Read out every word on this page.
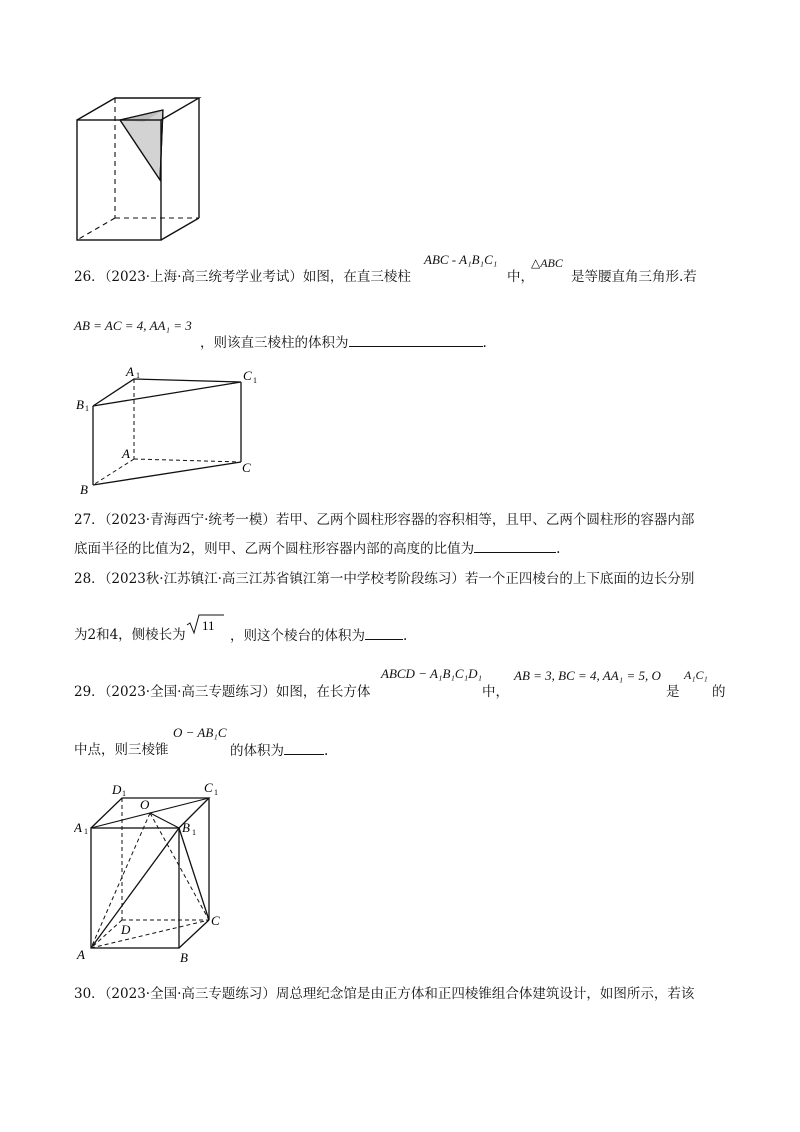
26．（2023·上海·高三统考学业考试）如图，在直三棱柱
ABC - A₁B₁C₁
中，
△ABC
是等腰直角三角形.若
AB = AC = 4, AA₁ = 3
，则该直三棱柱的体积为	.
A 1	C 1
B 1
A
B
C
27．（2023·青海西宁·统考一模）若甲、乙两个圆柱形容器的容积相等，且甲、乙两个圆柱形的容器内部
底面半径的比值为2，则甲、乙两个圆柱形容器内部的高度的比值为	.
28．（2023秋·江苏镇江·高三江苏省镇江第一中学校考阶段练习）若一个正四棱台的上下底面的边长分别
为2和4，侧棱长为
11
，则这个棱台的体积为	.
29．（2023·全国·高三专题练习）如图，在长方体
ABCD − A₁B₁C₁D₁
中，
AB = 3, BC = 4, AA₁ = 5, O
是
A₁C₁
的
中点，则三棱锥
O − AB₁C
的体积为	.
D 1
O
C 1
A 1	B 1
D
C
A	B
30．（2023·全国·高三专题练习）周总理纪念馆是由正方体和正四棱锥组合体建筑设计，如图所示，若该
